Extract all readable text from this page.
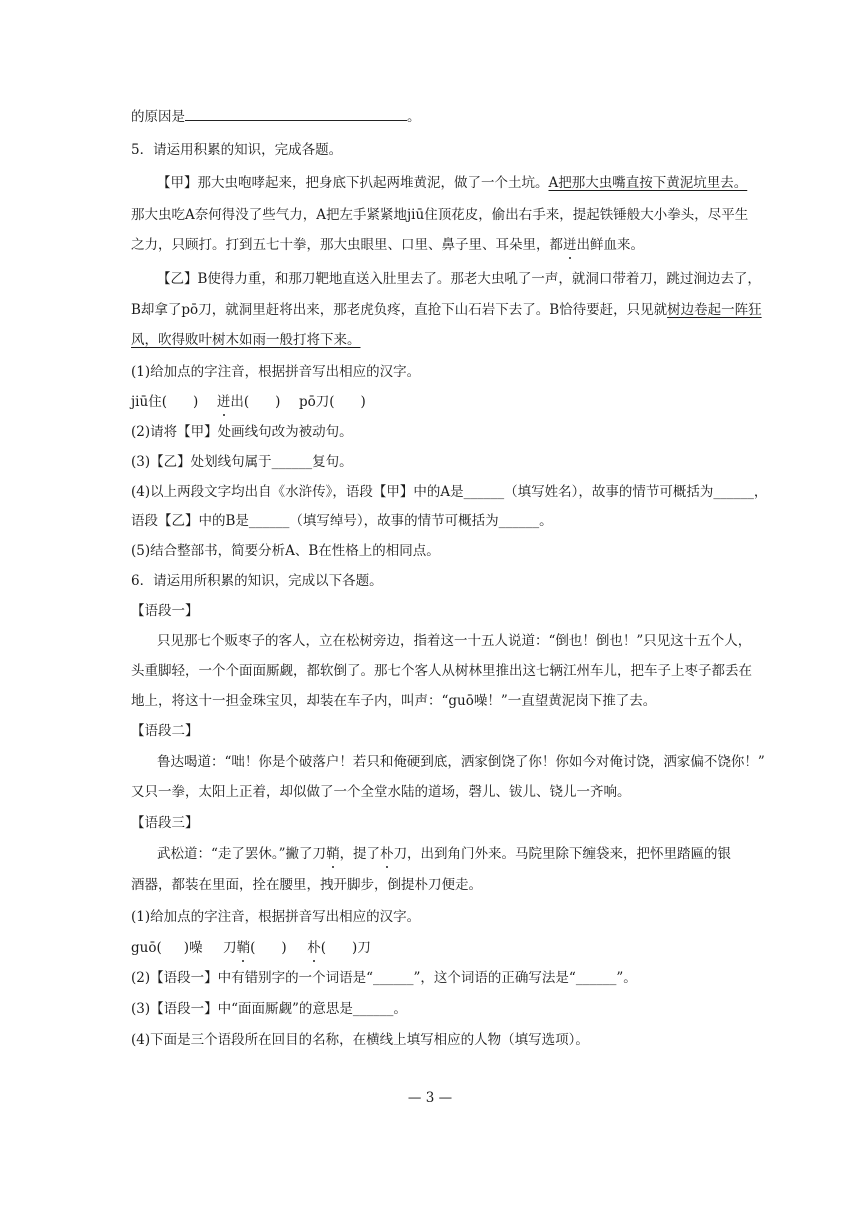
的原因是	。
5．请运用积累的知识，完成各题。
【甲】那大虫咆哮起来，把身底下扒起两堆黄泥，做了一个土坑。A把那大虫嘴直按下黄泥坑里去。
那大虫吃A奈何得没了些气力，A把左手紧紧地jiū住顶花皮，偷出右手来，提起铁锤般大小拳头，尽平生
之力，只顾打。打到五七十拳，那大虫眼里、口里、鼻子里、耳朵里，都迸出鲜血来。
【乙】B使得力重，和那刀靶地直送入肚里去了。那老大虫吼了一声，就洞口带着刀，跳过涧边去了，
B却拿了pō刀，就洞里赶将出来，那老虎负疼，直抢下山石岩下去了。B恰待要赶，只见就树边卷起一阵狂
风，吹得败叶树木如雨一般打将下来。
(1)给加点的字注音，根据拼音写出相应的汉字。
jiū住( ) 迸出( ) pō刀( )
(2)请将【甲】处画线句改为被动句。
(3)【乙】处划线句属于______复句。
(4)以上两段文字均出自《水浒传》，语段【甲】中的A是______（填写姓名），故事的情节可概括为______，
语段【乙】中的B是______（填写绰号），故事的情节可概括为______。
(5)结合整部书，简要分析A、B在性格上的相同点。
6．请运用所积累的知识，完成以下各题。
【语段一】
只见那七个贩枣子的客人，立在松树旁边，指着这一十五人说道：“倒也！倒也！”只见这十五个人，
头重脚轻，一个个面面厮觑，都软倒了。那七个客人从树林里推出这七辆江州车儿，把车子上枣子都丢在
地上，将这十一担金珠宝贝，却装在车子内，叫声：“guō噪！”一直望黄泥岗下推了去。
【语段二】
鲁达喝道：“咄！你是个破落户！若只和俺硬到底，洒家倒饶了你！你如今对俺讨饶，洒家偏不饶你！”
又只一拳，太阳上正着，却似做了一个全堂水陆的道场，磬儿、钹儿、铙儿一齐响。
【语段三】
武松道：“走了罢休。”撇了刀鞘，提了朴刀，出到角门外来。马院里除下缠袋来，把怀里踏匾的银
酒器，都装在里面，拴在腰里，拽开脚步，倒提朴刀便走。
(1)给加点的字注音，根据拼音写出相应的汉字。
guō( )噪 刀鞘( ) 朴( )刀
(2)【语段一】中有错别字的一个词语是“______”，这个词语的正确写法是“______”。
(3)【语段一】中“面面厮觑”的意思是______。
(4)下面是三个语段所在回目的名称，在横线上填写相应的人物（填写选项）。
— 3 —
